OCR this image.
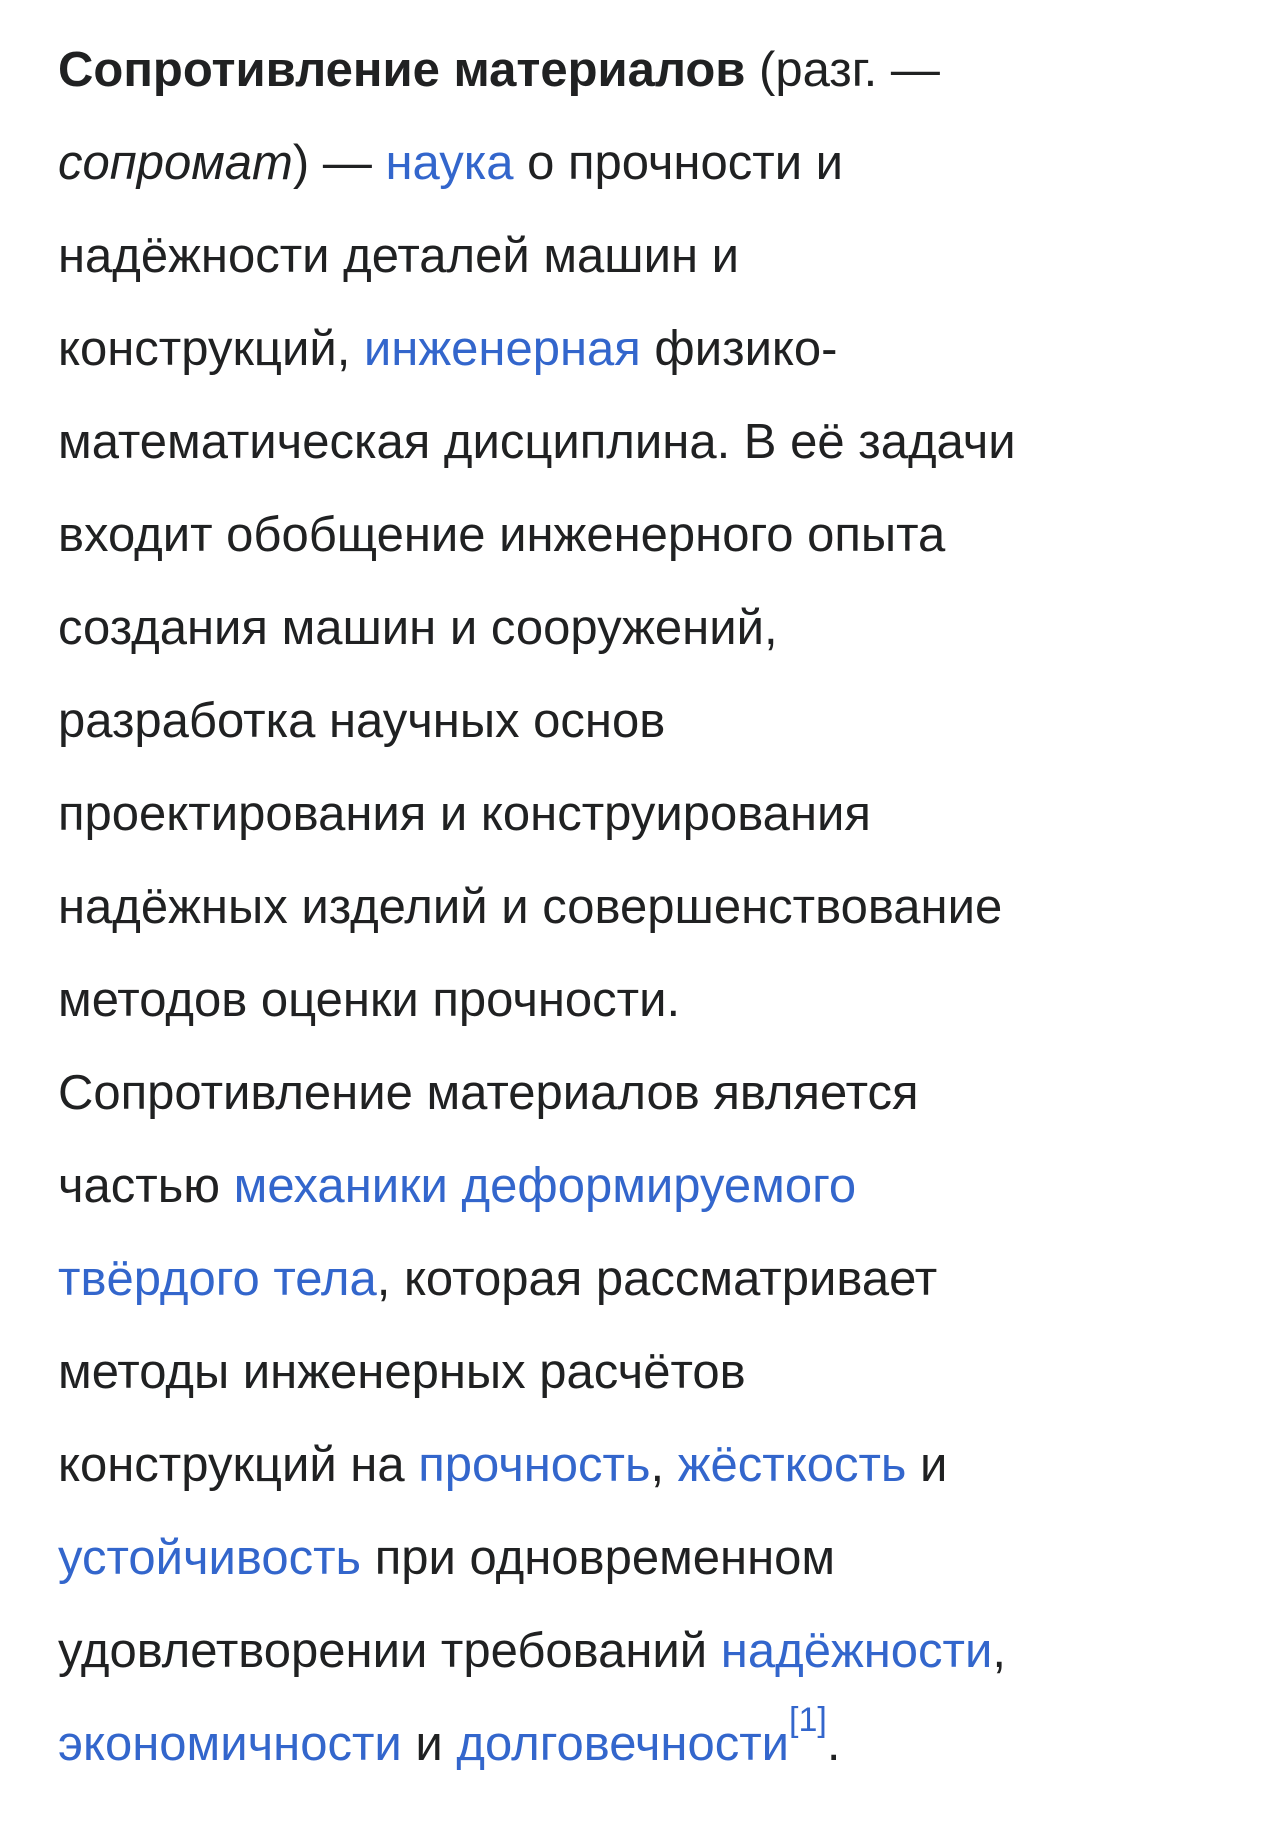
Сопротивление материалов (разг. —
сопромат) — наука о прочности и
надёжности деталей машин и
конструкций, инженерная физико-
математическая дисциплина. В её задачи
входит обобщение инженерного опыта
создания машин и сооружений,
разработка научных основ
проектирования и конструирования
надёжных изделий и совершенствование
методов оценки прочности.
Сопротивление материалов является
частью механики деформируемого
твёрдого тела, которая рассматривает
методы инженерных расчётов
конструкций на прочность, жёсткость и
устойчивость при одновременном
удовлетворении требований надёжности,
экономичности и долговечности[1].
